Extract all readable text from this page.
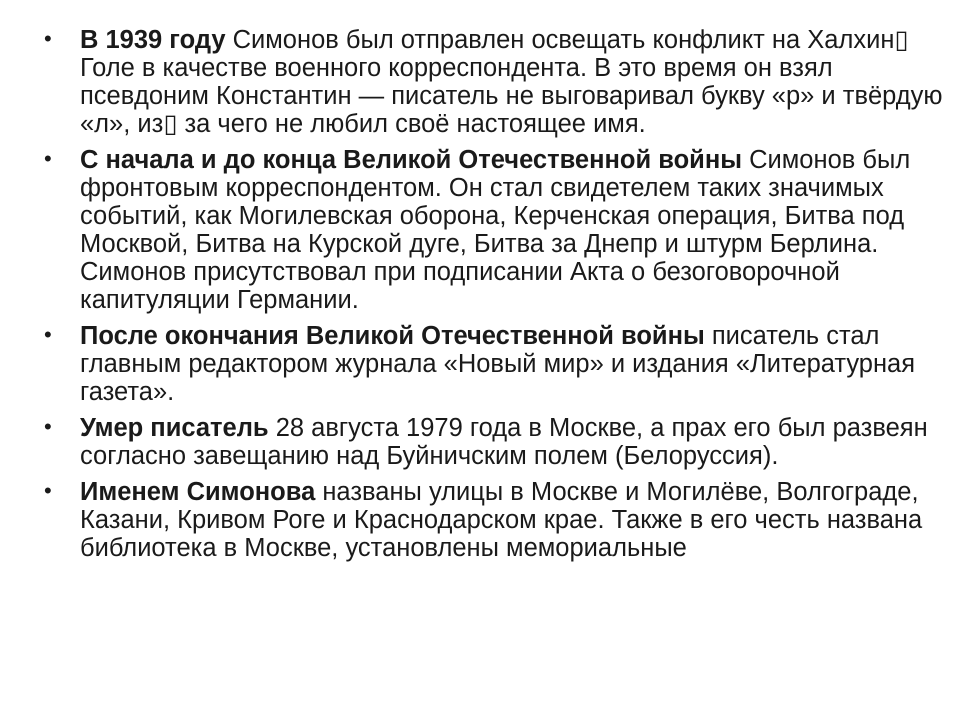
• В 1939 году Симонов был отправлен освещать конфликт на Халхин▯ Голе в качестве военного корреспондента. В это время он взял псевдоним Константин — писатель не выговаривал букву «р» и твёрдую «л», из▯ за чего не любил своё настоящее имя.
• С начала и до конца Великой Отечественной войны Симонов был фронтовым корреспондентом. Он стал свидетелем таких значимых событий, как Могилевская оборона, Керченская операция, Битва под Москвой, Битва на Курской дуге, Битва за Днепр и штурм Берлина. Симонов присутствовал при подписании Акта о безоговорочной капитуляции Германии.
• После окончания Великой Отечественной войны писатель стал главным редактором журнала «Новый мир» и издания «Литературная газета».
• Умер писатель 28 августа 1979 года в Москве, а прах его был развеян согласно завещанию над Буйничским полем (Белоруссия).
• Именем Симонова названы улицы в Москве и Могилёве, Волгограде, Казани, Кривом Роге и Краснодарском крае. Также в его честь названа библиотека в Москве, установлены мемориальные
